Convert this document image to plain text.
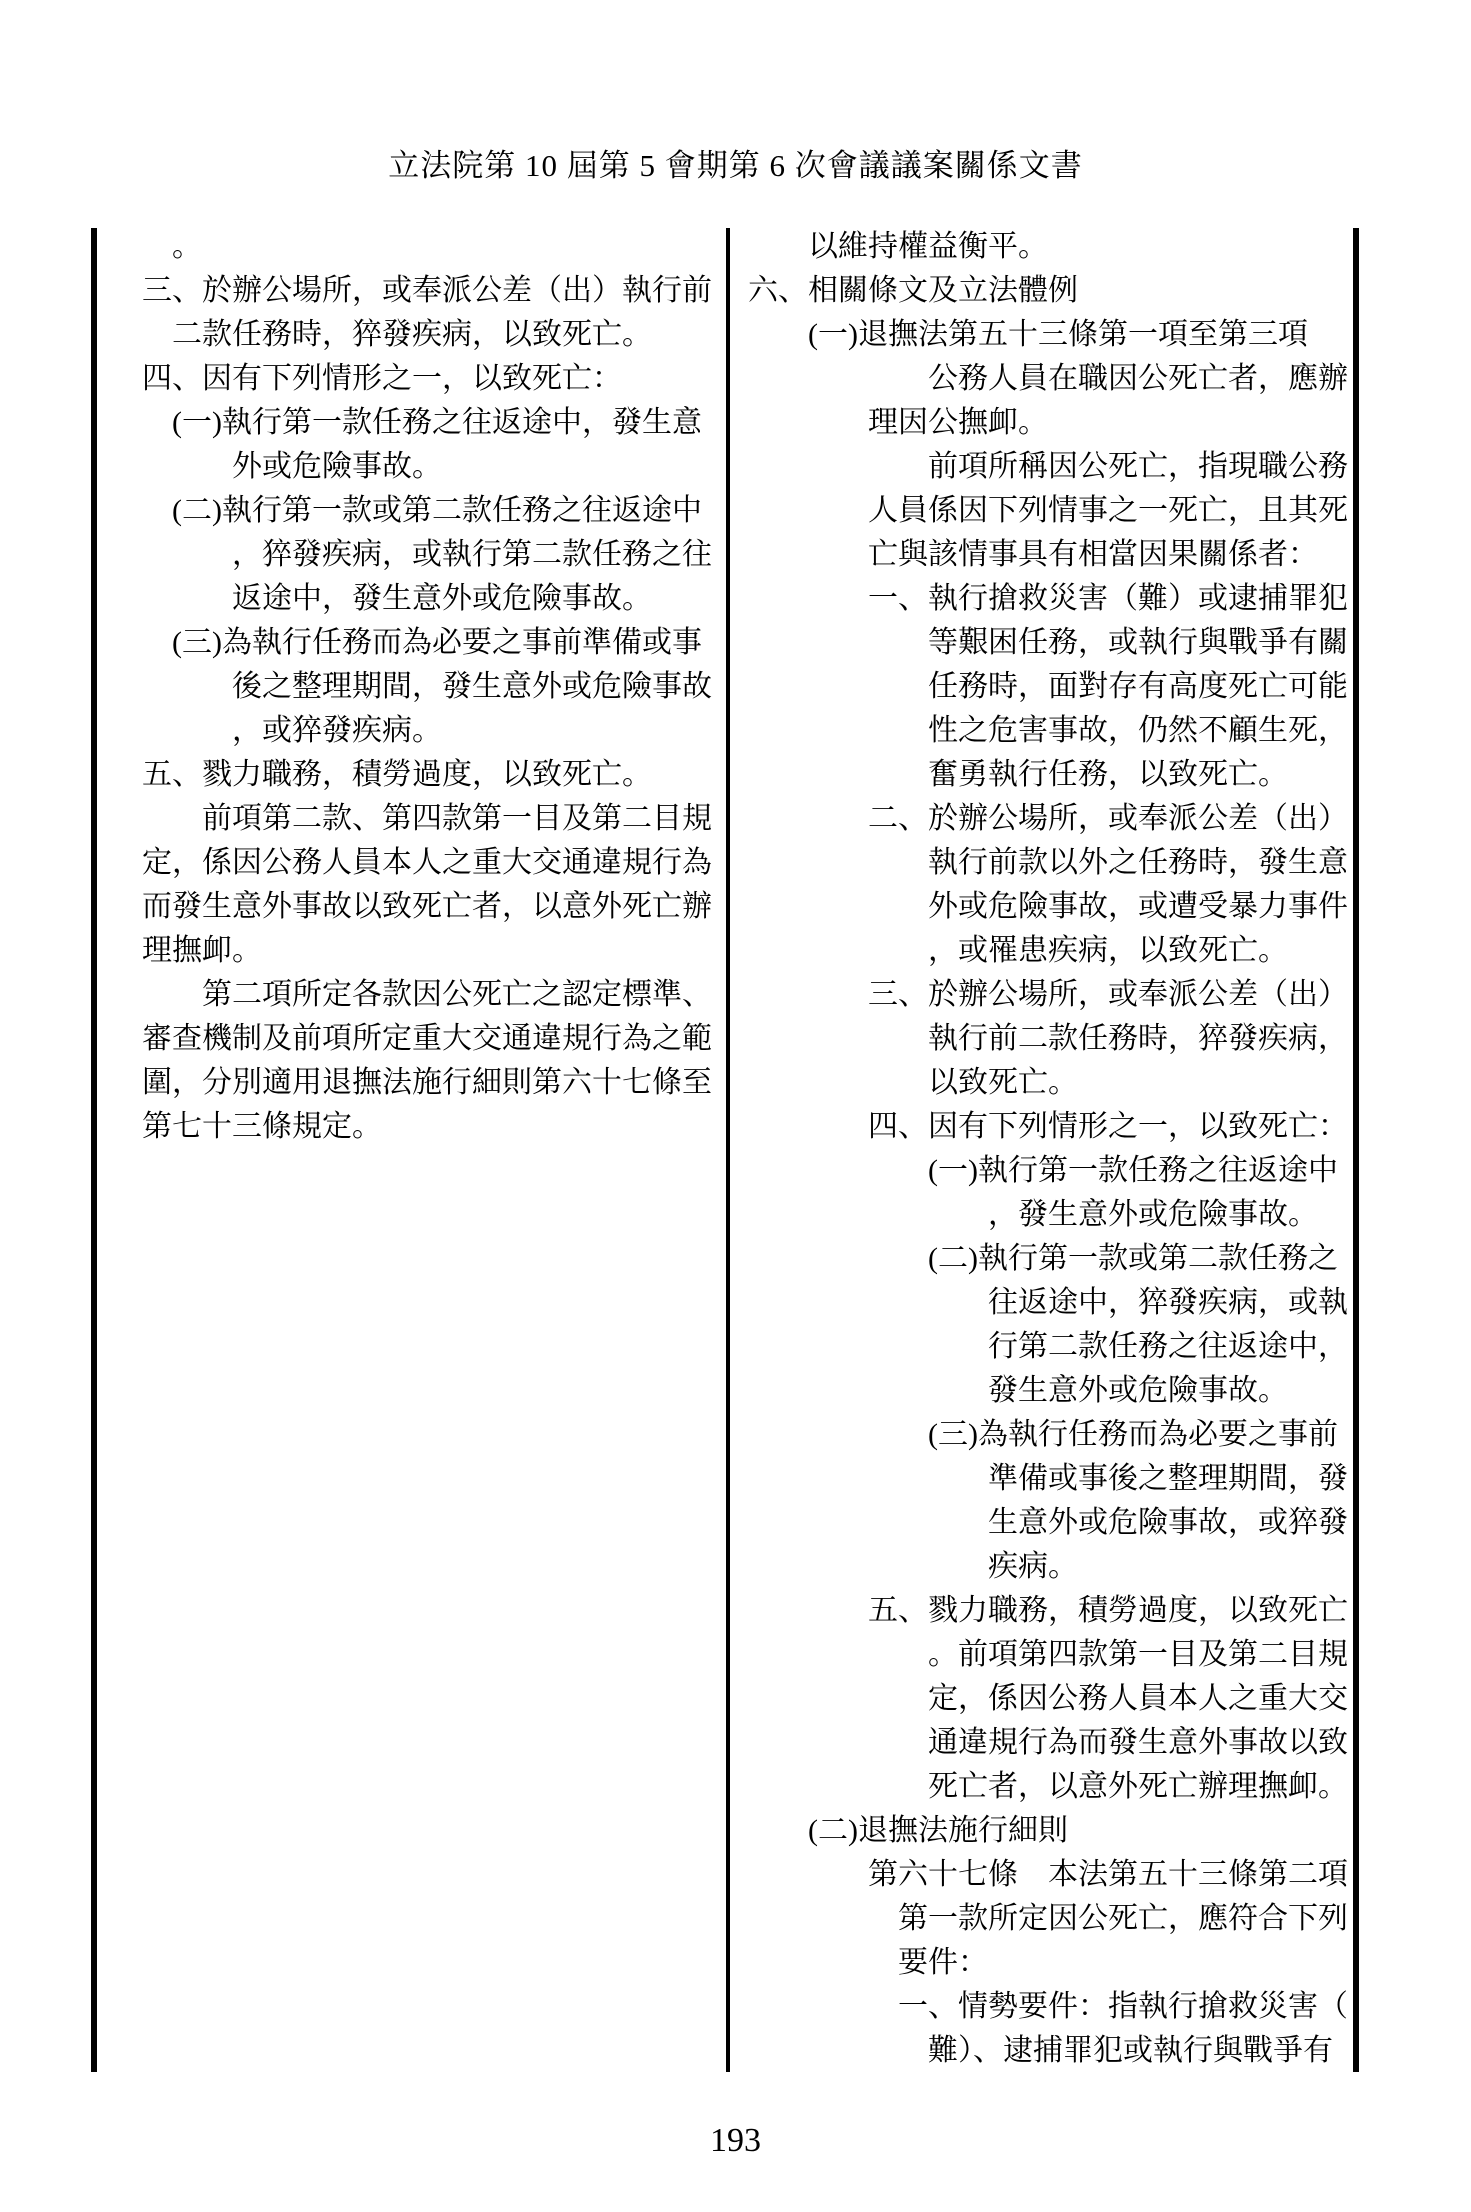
立法院第 10 屆第 5 會期第 6 次會議議案關係文書
。
三、於辦公場所，或奉派公差（出）執行前
二款任務時，猝發疾病，以致死亡。
四、因有下列情形之一，以致死亡：
(一)執行第一款任務之往返途中，發生意
外或危險事故。
(二)執行第一款或第二款任務之往返途中
，猝發疾病，或執行第二款任務之往
返途中，發生意外或危險事故。
(三)為執行任務而為必要之事前準備或事
後之整理期間，發生意外或危險事故
，或猝發疾病。
五、戮力職務，積勞過度，以致死亡。
前項第二款、第四款第一目及第二目規
定，係因公務人員本人之重大交通違規行為
而發生意外事故以致死亡者，以意外死亡辦
理撫卹。
第二項所定各款因公死亡之認定標準、
審查機制及前項所定重大交通違規行為之範
圍，分別適用退撫法施行細則第六十七條至
第七十三條規定。
以維持權益衡平。
六、相關條文及立法體例
(一)退撫法第五十三條第一項至第三項
公務人員在職因公死亡者，應辦
理因公撫卹。
前項所稱因公死亡，指現職公務
人員係因下列情事之一死亡，且其死
亡與該情事具有相當因果關係者：
一、執行搶救災害（難）或逮捕罪犯
等艱困任務，或執行與戰爭有關
任務時，面對存有高度死亡可能
性之危害事故，仍然不顧生死，
奮勇執行任務，以致死亡。
二、於辦公場所，或奉派公差（出）
執行前款以外之任務時，發生意
外或危險事故，或遭受暴力事件
，或罹患疾病，以致死亡。
三、於辦公場所，或奉派公差（出）
執行前二款任務時，猝發疾病，
以致死亡。
四、因有下列情形之一，以致死亡：
(一)執行第一款任務之往返途中
，發生意外或危險事故。
(二)執行第一款或第二款任務之
往返途中，猝發疾病，或執
行第二款任務之往返途中，
發生意外或危險事故。
(三)為執行任務而為必要之事前
準備或事後之整理期間，發
生意外或危險事故，或猝發
疾病。
五、戮力職務，積勞過度，以致死亡
。前項第四款第一目及第二目規
定，係因公務人員本人之重大交
通違規行為而發生意外事故以致
死亡者，以意外死亡辦理撫卹。
(二)退撫法施行細則
第六十七條　本法第五十三條第二項
第一款所定因公死亡，應符合下列
要件：
一、情勢要件：指執行搶救災害（
難）、逮捕罪犯或執行與戰爭有
193
